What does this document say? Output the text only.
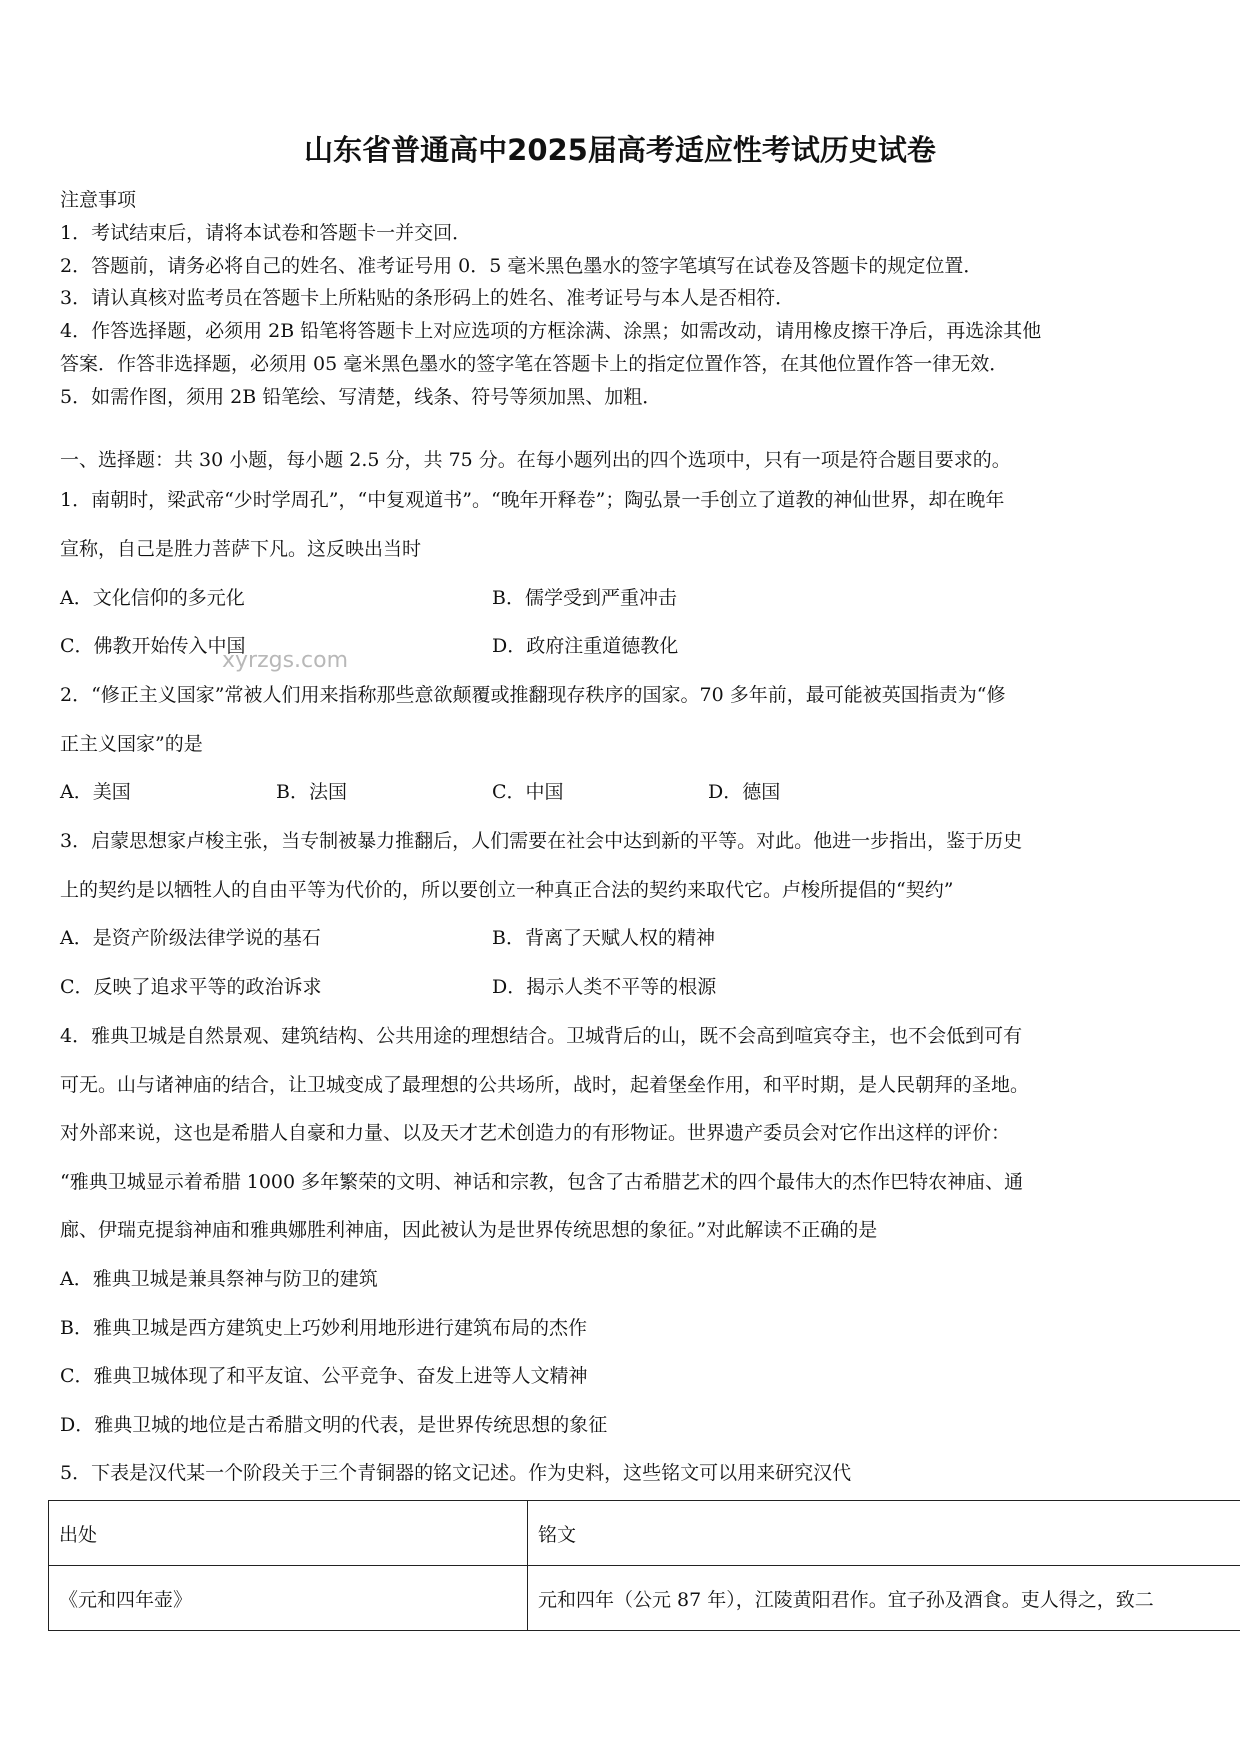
山东省普通高中2025届高考适应性考试历史试卷
注意事项
1．考试结束后，请将本试卷和答题卡一并交回．
2．答题前，请务必将自己的姓名、准考证号用 0．5 毫米黑色墨水的签字笔填写在试卷及答题卡的规定位置．
3．请认真核对监考员在答题卡上所粘贴的条形码上的姓名、准考证号与本人是否相符．
4．作答选择题，必须用 2B 铅笔将答题卡上对应选项的方框涂满、涂黑；如需改动，请用橡皮擦干净后，再选涂其他
答案．作答非选择题，必须用 05 毫米黑色墨水的签字笔在答题卡上的指定位置作答，在其他位置作答一律无效．
5．如需作图，须用 2B 铅笔绘、写清楚，线条、符号等须加黑、加粗．
一、选择题：共 30 小题，每小题 2.5 分，共 75 分。在每小题列出的四个选项中，只有一项是符合题目要求的。
1．南朝时，梁武帝“少时学周孔”，“中复观道书”。“晚年开释卷”；陶弘景一手创立了道教的神仙世界，却在晚年
宣称，自己是胜力菩萨下凡。这反映出当时
A．文化信仰的多元化	B．儒学受到严重冲击
C．佛教开始传入中国	D．政府注重道德教化
xyrzgs.com
2．“修正主义国家”常被人们用来指称那些意欲颠覆或推翻现存秩序的国家。70 多年前，最可能被英国指责为“修
正主义国家”的是
A．美国	B．法国	C．中国	D．德国
3．启蒙思想家卢梭主张，当专制被暴力推翻后，人们需要在社会中达到新的平等。对此。他进一步指出，鉴于历史
上的契约是以牺牲人的自由平等为代价的，所以要创立一种真正合法的契约来取代它。卢梭所提倡的“契约”
A．是资产阶级法律学说的基石	B．背离了天赋人权的精神
C．反映了追求平等的政治诉求	D．揭示人类不平等的根源
4．雅典卫城是自然景观、建筑结构、公共用途的理想结合。卫城背后的山，既不会高到喧宾夺主，也不会低到可有
可无。山与诸神庙的结合，让卫城变成了最理想的公共场所，战时，起着堡垒作用，和平时期，是人民朝拜的圣地。
对外部来说，这也是希腊人自豪和力量、以及天才艺术创造力的有形物证。世界遗产委员会对它作出这样的评价：
“雅典卫城显示着希腊 1000 多年繁荣的文明、神话和宗教，包含了古希腊艺术的四个最伟大的杰作巴特农神庙、通
廊、伊瑞克提翁神庙和雅典娜胜利神庙，因此被认为是世界传统思想的象征。”对此解读不正确的是
A．雅典卫城是兼具祭神与防卫的建筑
B．雅典卫城是西方建筑史上巧妙利用地形进行建筑布局的杰作
C．雅典卫城体现了和平友谊、公平竞争、奋发上进等人文精神
D．雅典卫城的地位是古希腊文明的代表，是世界传统思想的象征
5．下表是汉代某一个阶段关于三个青铜器的铭文记述。作为史料，这些铭文可以用来研究汉代
出处	铭文
《元和四年壶》	元和四年（公元 87 年），江陵黄阳君作。宜子孙及酒食。吏人得之，致二
